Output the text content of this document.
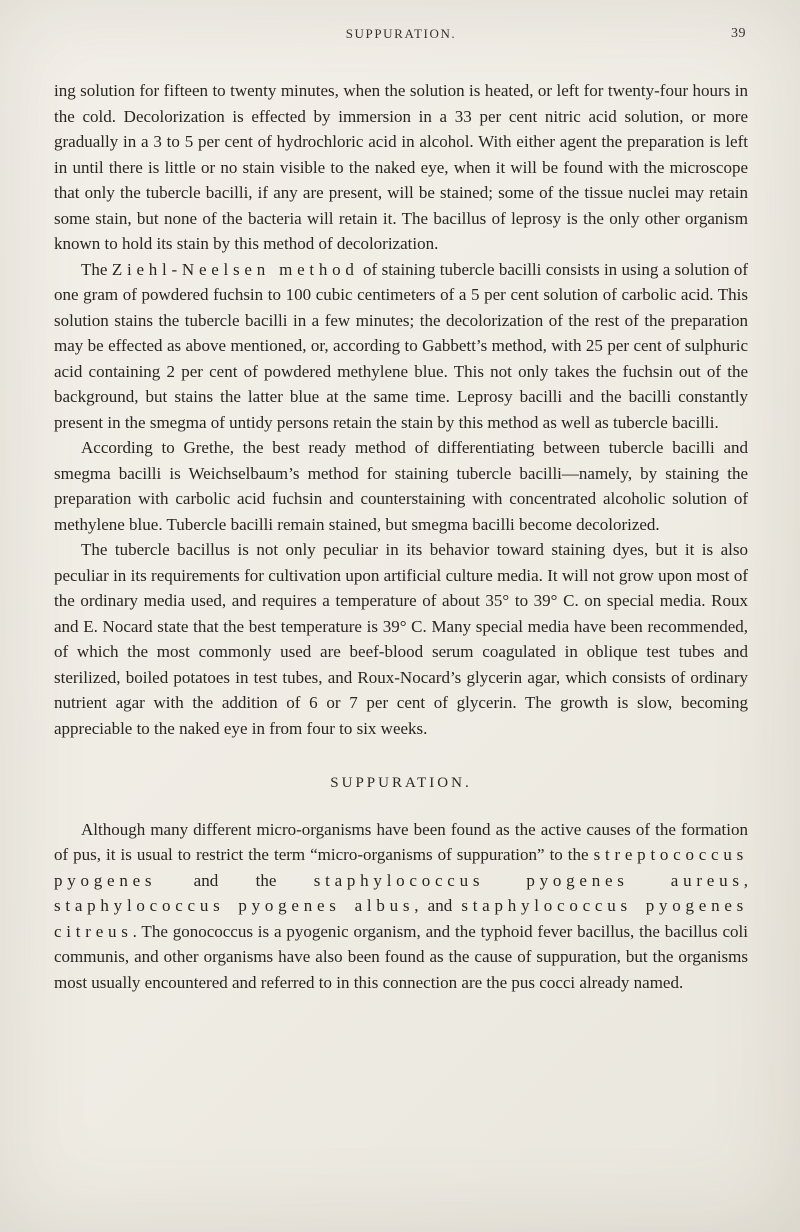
SUPPURATION.	39

ing solution for fifteen to twenty minutes, when the solution is heated, or left for twenty-four hours in the cold. Decolorization is effected by immersion in a 33 per cent nitric acid solution, or more gradually in a 3 to 5 per cent of hydrochloric acid in alcohol. With either agent the preparation is left in until there is little or no stain visible to the naked eye, when it will be found with the microscope that only the tubercle bacilli, if any are present, will be stained; some of the tissue nuclei may retain some stain, but none of the bacteria will retain it. The bacillus of leprosy is the only other organism known to hold its stain by this method of decolorization.

The Ziehl-Neelsen method of staining tubercle bacilli consists in using a solution of one gram of powdered fuchsin to 100 cubic centimeters of a 5 per cent solution of carbolic acid. This solution stains the tubercle bacilli in a few minutes; the decolorization of the rest of the preparation may be effected as above mentioned, or, according to Gabbett’s method, with 25 per cent of sulphuric acid containing 2 per cent of powdered methylene blue. This not only takes the fuchsin out of the background, but stains the latter blue at the same time. Leprosy bacilli and the bacilli constantly present in the smegma of untidy persons retain the stain by this method as well as tubercle bacilli.

According to Grethe, the best ready method of differentiating between tubercle bacilli and smegma bacilli is Weichselbaum’s method for staining tubercle bacilli—namely, by staining the preparation with carbolic acid fuchsin and counterstaining with concentrated alcoholic solution of methylene blue. Tubercle bacilli remain stained, but smegma bacilli become decolorized.

The tubercle bacillus is not only peculiar in its behavior toward staining dyes, but it is also peculiar in its requirements for cultivation upon artificial culture media. It will not grow upon most of the ordinary media used, and requires a temperature of about 35° to 39° C. on special media. Roux and E. Nocard state that the best temperature is 39° C. Many special media have been recommended, of which the most commonly used are beef-blood serum coagulated in oblique test tubes and sterilized, boiled potatoes in test tubes, and Roux-Nocard’s glycerin agar, which consists of ordinary nutrient agar with the addition of 6 or 7 per cent of glycerin. The growth is slow, becoming appreciable to the naked eye in from four to six weeks.

SUPPURATION.

Although many different micro-organisms have been found as the active causes of the formation of pus, it is usual to restrict the term “micro-organisms of suppuration” to the streptococcus pyogenes and the staphylococcus pyogenes aureus, staphylococcus pyogenes albus, and staphylococcus pyogenes citreus. The gonococcus is a pyogenic organism, and the typhoid fever bacillus, the bacillus coli communis, and other organisms have also been found as the cause of suppuration, but the organisms most usually encountered and referred to in this connection are the pus cocci already named.
